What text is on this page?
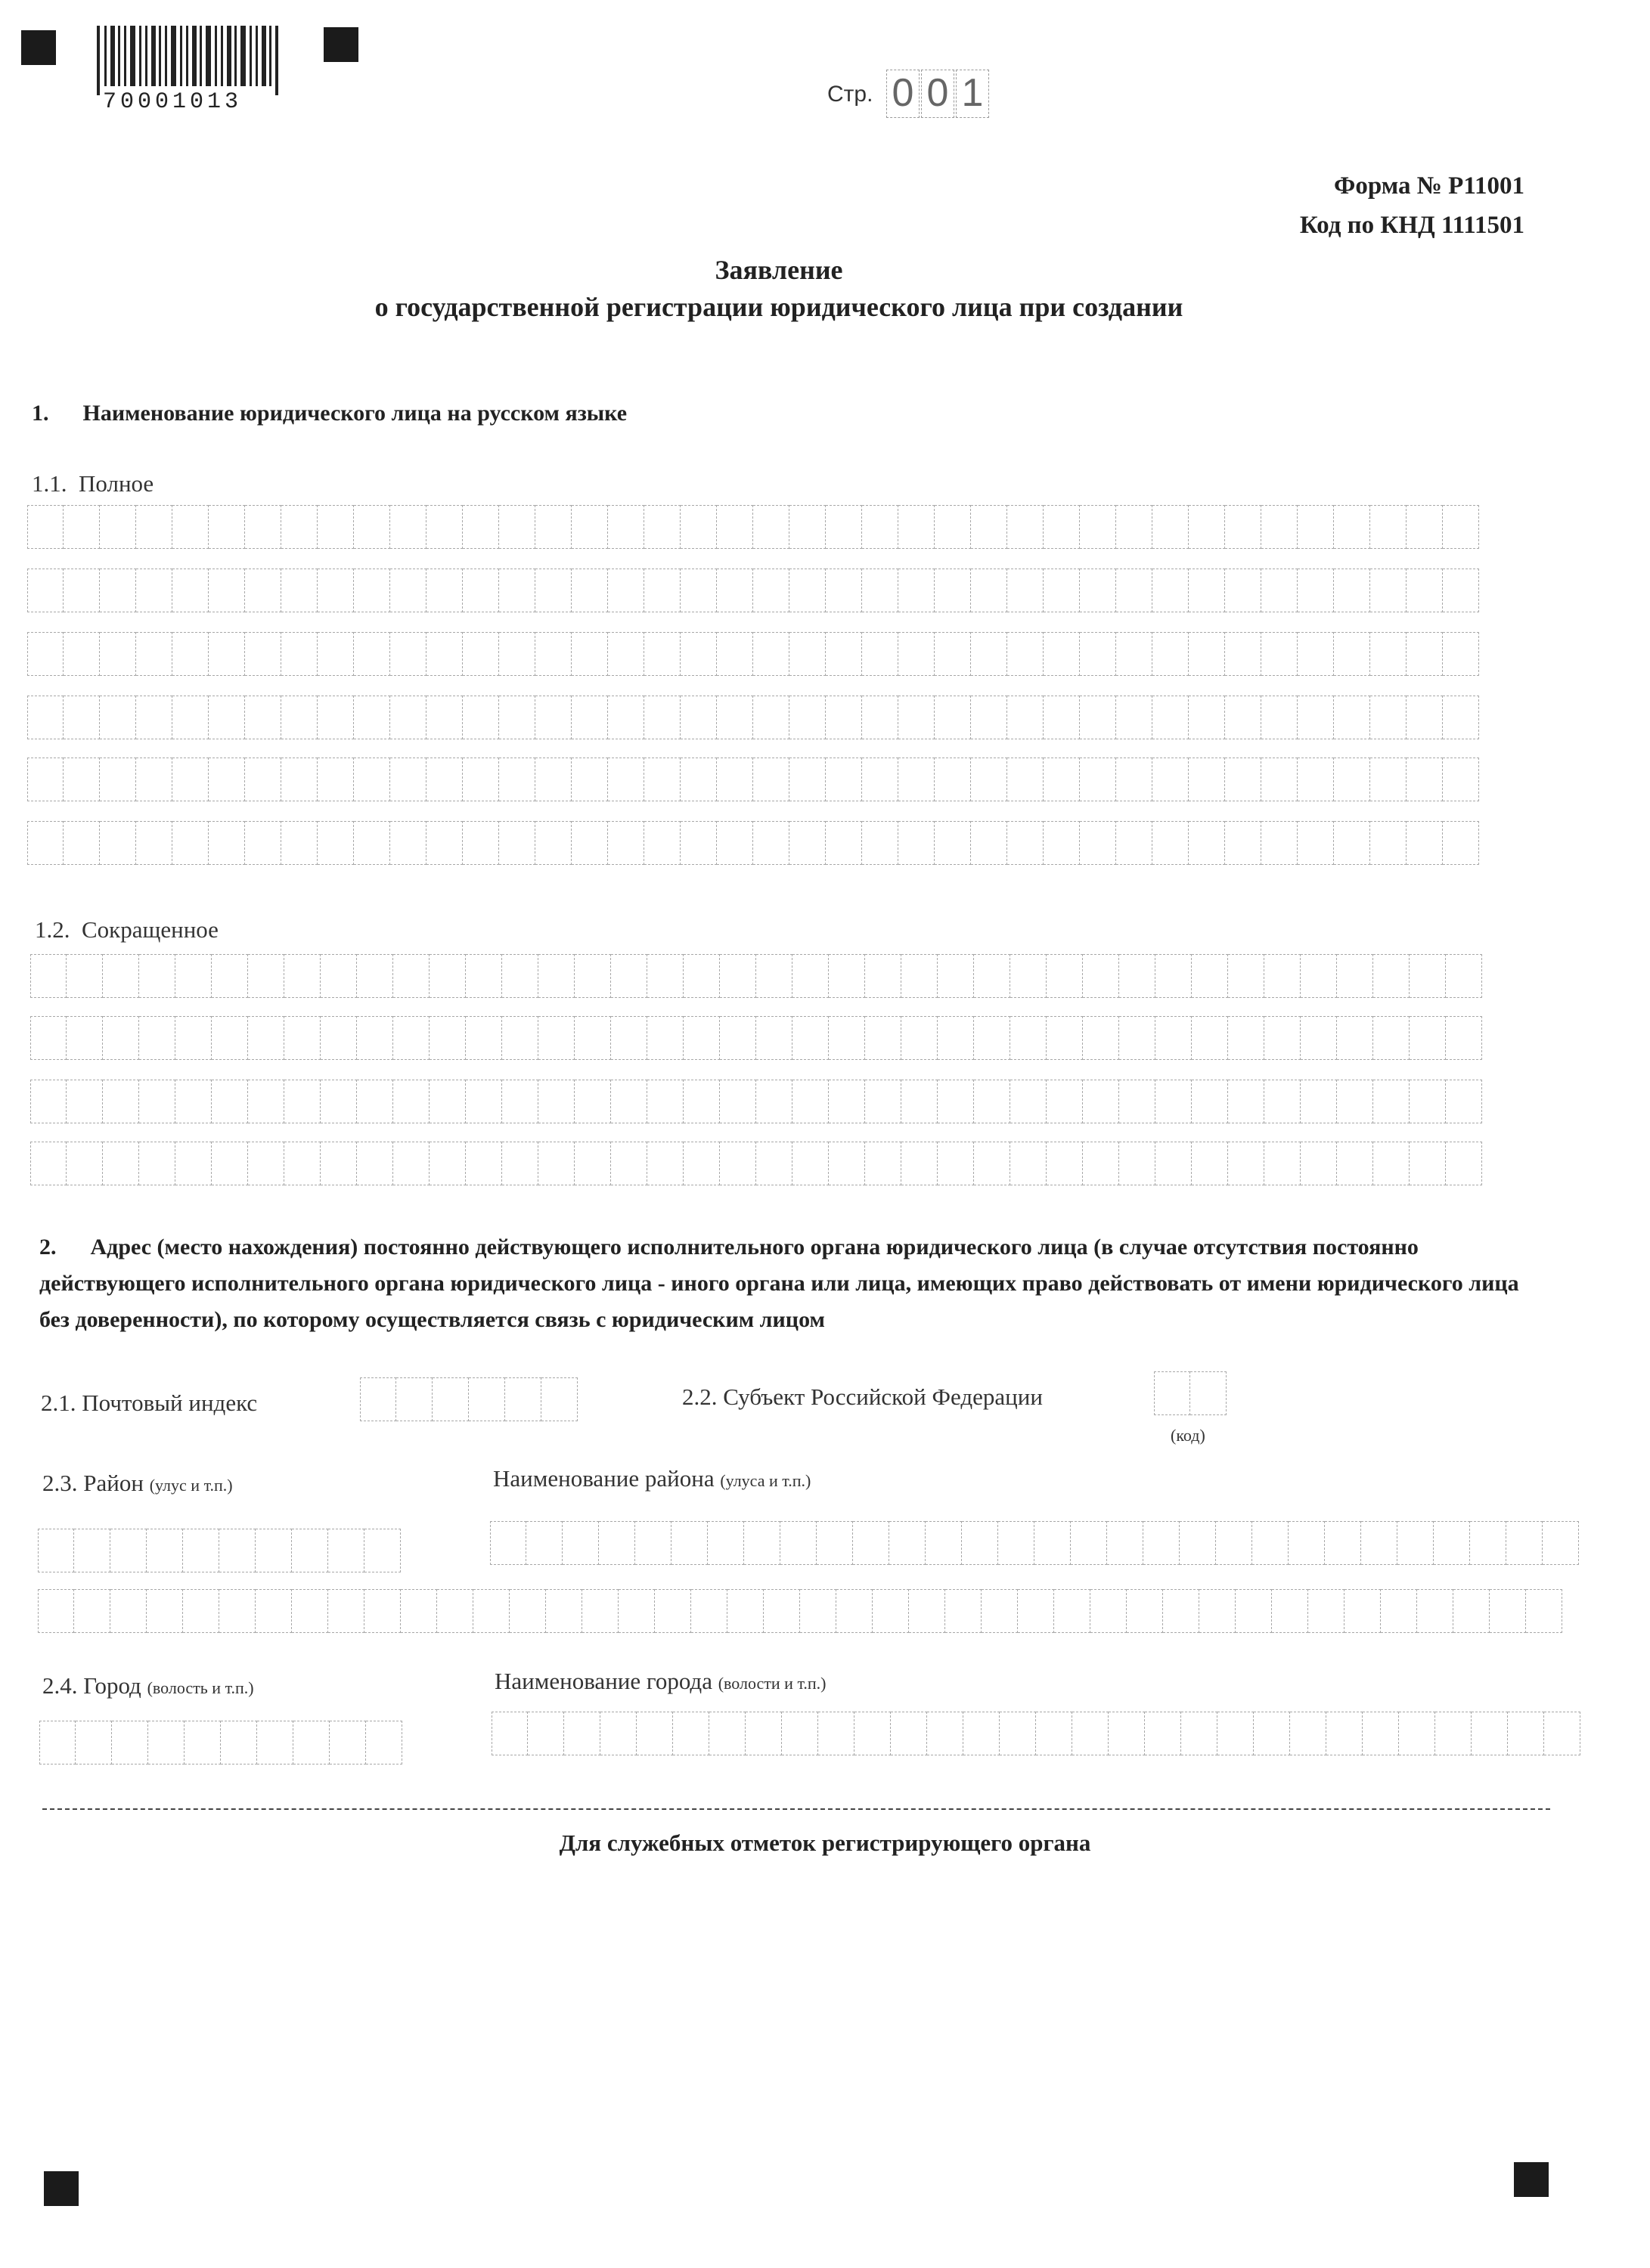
70001013	Стр. 0 0 1
Форма № Р11001
Код по КНД 1111501
Заявление
о государственной регистрации юридического лица при создании
1.      Наименование юридического лица на русском языке
1.1.  Полное
1.2.  Сокращенное
2.      Адрес (место нахождения) постоянно действующего исполнительного органа юридического лица (в случае отсутствия постоянно действующего исполнительного органа юридического лица - иного органа или лица, имеющих право действовать от имени юридического лица без доверенности), по которому осуществляется связь с юридическим лицом
2.1. Почтовый индекс	2.2. Субъект Российской Федерации
(код)
2.3. Район (улус и т.п.)	Наименование района (улуса и т.п.)
2.4. Город (волость и т.п.)	Наименование города (волости и т.п.)
Для служебных отметок регистрирующего органа
